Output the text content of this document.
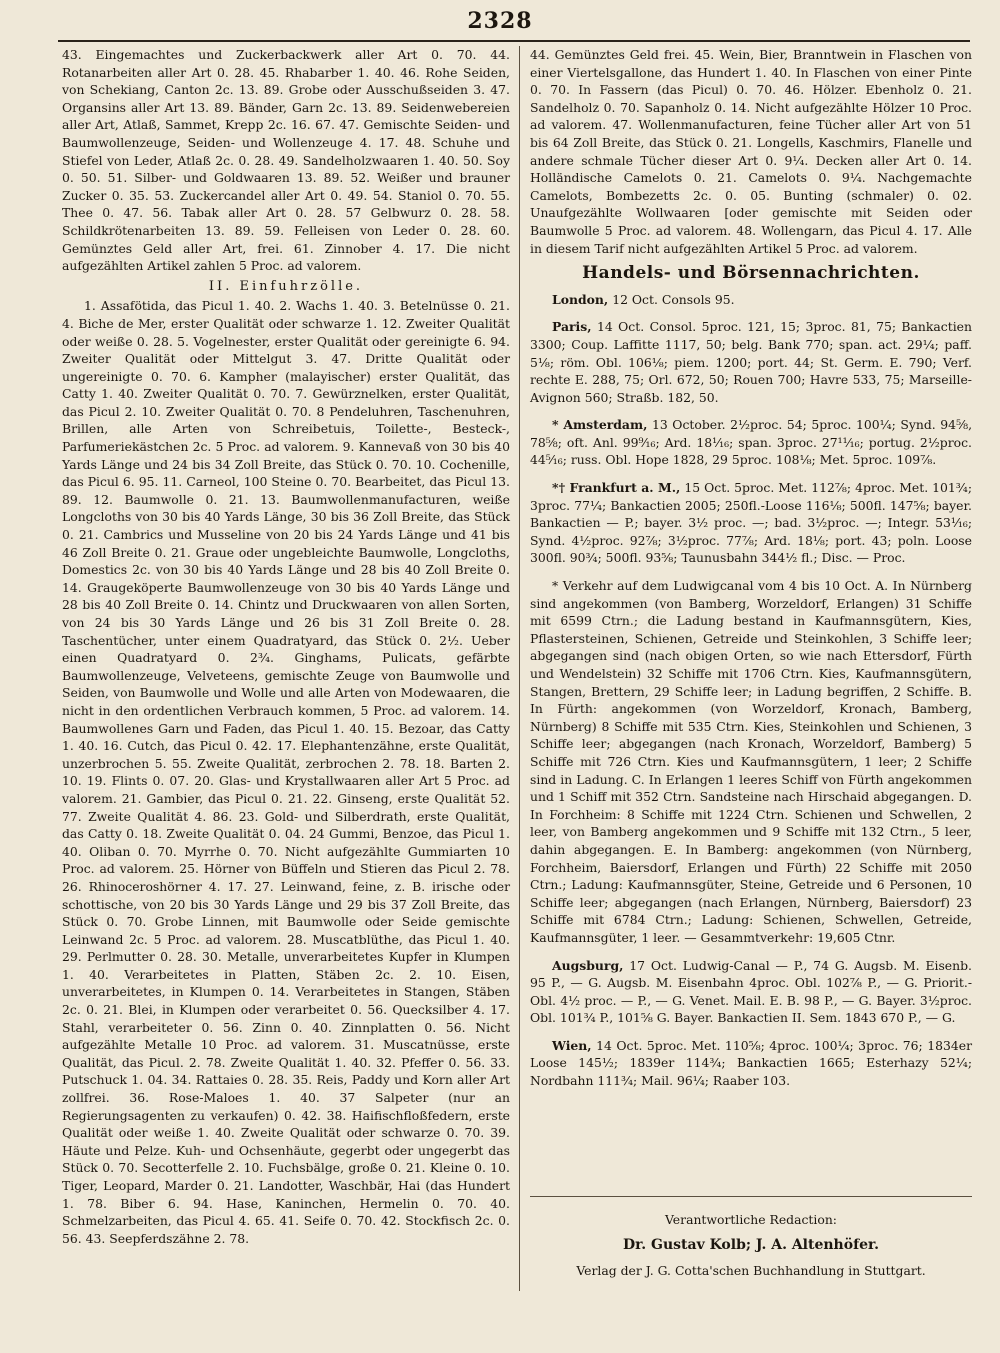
2328

43. Eingemachtes und Zuckerbackwerk aller Art 0. 70. 44. Rotanarbeiten aller Art 0. 28. 45. Rhabarber 1. 40. 46. Rohe Seiden, von Schekiang, Canton 2c. 13. 89. Grobe oder Ausschußseiden 3. 47. Organsins aller Art 13. 89. Bänder, Garn 2c. 13. 89. Seidenwebereien aller Art, Atlaß, Sammet, Krepp 2c. 16. 67. 47. Gemischte Seiden- und Baumwollenzeuge, Seiden- und Wollenzeuge 4. 17. 48. Schuhe und Stiefel von Leder, Atlaß 2c. 0. 28. 49. Sandelholzwaaren 1. 40. 50. Soy 0. 50. 51. Silber- und Goldwaaren 13. 89. 52. Weißer und brauner Zucker 0. 35. 53. Zuckercandel aller Art 0. 49. 54. Staniol 0. 70. 55. Thee 0. 47. 56. Tabak aller Art 0. 28. 57 Gelbwurz 0. 28. 58. Schildkrötenarbeiten 13. 89. 59. Felleisen von Leder 0. 28. 60. Gemünztes Geld aller Art, frei. 61. Zinnober 4. 17. Die nicht aufgezählten Artikel zahlen 5 Proc. ad valorem.

II. Einfuhrzölle.

1. Assafötida, das Picul 1. 40. 2. Wachs 1. 40. 3. Betelnüsse 0. 21. 4. Biche de Mer, erster Qualität oder schwarze 1. 12. Zweiter Qualität oder weiße 0. 28. 5. Vogelnester, erster Qualität oder gereinigte 6. 94. Zweiter Qualität oder Mittelgut 3. 47. Dritte Qualität oder ungereinigte 0. 70. 6. Kampher (malayischer) erster Qualität, das Catty 1. 40. Zweiter Qualität 0. 70. 7. Gewürznelken, erster Qualität, das Picul 2. 10. Zweiter Qualität 0. 70. 8 Pendeluhren, Taschenuhren, Brillen, alle Arten von Schreibetuis, Toilette-, Besteck-, Parfumeriekästchen 2c. 5 Proc. ad valorem. 9. Kannevaß von 30 bis 40 Yards Länge und 24 bis 34 Zoll Breite, das Stück 0. 70. 10. Cochenille, das Picul 6. 95. 11. Carneol, 100 Steine 0. 70. Bearbeitet, das Picul 13. 89. 12. Baumwolle 0. 21. 13. Baumwollenmanufacturen, weiße Longcloths von 30 bis 40 Yards Länge, 30 bis 36 Zoll Breite, das Stück 0. 21. Cambrics und Musseline von 20 bis 24 Yards Länge und 41 bis 46 Zoll Breite 0. 21. Graue oder ungebleichte Baumwolle, Longcloths, Domestics 2c. von 30 bis 40 Yards Länge und 28 bis 40 Zoll Breite 0. 14. Graugeköperte Baumwollenzeuge von 30 bis 40 Yards Länge und 28 bis 40 Zoll Breite 0. 14. Chintz und Druckwaaren von allen Sorten, von 24 bis 30 Yards Länge und 26 bis 31 Zoll Breite 0. 28. Taschentücher, unter einem Quadratyard, das Stück 0. 2½. Ueber einen Quadratyard 0. 2¾. Ginghams, Pulicats, gefärbte Baumwollenzeuge, Velveteens, gemischte Zeuge von Baumwolle und Seiden, von Baumwolle und Wolle und alle Arten von Modewaaren, die nicht in den ordentlichen Verbrauch kommen, 5 Proc. ad valorem. 14. Baumwollenes Garn und Faden, das Picul 1. 40. 15. Bezoar, das Catty 1. 40. 16. Cutch, das Picul 0. 42. 17. Elephantenzähne, erste Qualität, unzerbrochen 5. 55. Zweite Qualität, zerbrochen 2. 78. 18. Barten 2. 10. 19. Flints 0. 07. 20. Glas- und Krystallwaaren aller Art 5 Proc. ad valorem. 21. Gambier, das Picul 0. 21. 22. Ginseng, erste Qualität 52. 77. Zweite Qualität 4. 86. 23. Gold- und Silberdrath, erste Qualität, das Catty 0. 18. Zweite Qualität 0. 04. 24 Gummi, Benzoe, das Picul 1. 40. Oliban 0. 70. Myrrhe 0. 70. Nicht aufgezählte Gummiarten 10 Proc. ad valorem. 25. Hörner von Büffeln und Stieren das Picul 2. 78. 26. Rhinoceroshörner 4. 17. 27. Leinwand, feine, z. B. irische oder schottische, von 20 bis 30 Yards Länge und 29 bis 37 Zoll Breite, das Stück 0. 70. Grobe Linnen, mit Baumwolle oder Seide gemischte Leinwand 2c. 5 Proc. ad valorem. 28. Muscatblüthe, das Picul 1. 40. 29. Perlmutter 0. 28. 30. Metalle, unverarbeitetes Kupfer in Klumpen 1. 40. Verarbeitetes in Platten, Stäben 2c. 2. 10. Eisen, unverarbeitetes, in Klumpen 0. 14. Verarbeitetes in Stangen, Stäben 2c. 0. 21. Blei, in Klumpen oder verarbeitet 0. 56. Quecksilber 4. 17. Stahl, verarbeiteter 0. 56. Zinn 0. 40. Zinnplatten 0. 56. Nicht aufgezählte Metalle 10 Proc. ad valorem. 31. Muscatnüsse, erste Qualität, das Picul. 2. 78. Zweite Qualität 1. 40. 32. Pfeffer 0. 56. 33. Putschuck 1. 04. 34. Rattaies 0. 28. 35. Reis, Paddy und Korn aller Art zollfrei. 36. Rose-Maloes 1. 40. 37 Salpeter (nur an Regierungsagenten zu verkaufen) 0. 42. 38. Haifischfloßfedern, erste Qualität oder weiße 1. 40. Zweite Qualität oder schwarze 0. 70. 39. Häute und Pelze. Kuh- und Ochsenhäute, gegerbt oder ungegerbt das Stück 0. 70. Secotterfelle 2. 10. Fuchsbälge, große 0. 21. Kleine 0. 10. Tiger, Leopard, Marder 0. 21. Landotter, Waschbär, Hai (das Hundert 1. 78. Biber 6. 94. Hase, Kaninchen, Hermelin 0. 70. 40. Schmelzarbeiten, das Picul 4. 65. 41. Seife 0. 70. 42. Stockfisch 2c. 0. 56. 43. Seepferdszähne 2. 78.

44. Gemünztes Geld frei. 45. Wein, Bier, Branntwein in Flaschen von einer Viertelsgallone, das Hundert 1. 40. In Flaschen von einer Pinte 0. 70. In Fassern (das Picul) 0. 70. 46. Hölzer. Ebenholz 0. 21. Sandelholz 0. 70. Sapanholz 0. 14. Nicht aufgezählte Hölzer 10 Proc. ad valorem. 47. Wollenmanufacturen, feine Tücher aller Art von 51 bis 64 Zoll Breite, das Stück 0. 21. Longells, Kaschmirs, Flanelle und andere schmale Tücher dieser Art 0. 9¼. Decken aller Art 0. 14. Holländische Camelots 0. 21. Camelots 0. 9¼. Nachgemachte Camelots, Bombezetts 2c. 0. 05. Bunting (schmaler) 0. 02. Unaufgezählte Wollwaaren [oder gemischte mit Seiden oder Baumwolle 5 Proc. ad valorem. 48. Wollengarn, das Picul 4. 17. Alle in diesem Tarif nicht aufgezählten Artikel 5 Proc. ad valorem.

Handels- und Börsennachrichten.

London, 12 Oct. Consols 95.

Paris, 14 Oct. Consol. 5proc. 121, 15; 3proc. 81, 75; Bankactien 3300; Coup. Laffitte 1117, 50; belg. Bank 770; span. act. 29¼; paff. 5⅛; röm. Obl. 106⅛; piem. 1200; port. 44; St. Germ. E. 790; Verf. rechte E. 288, 75; Orl. 672, 50; Rouen 700; Havre 533, 75; Marseille-Avignon 560; Straßb. 182, 50.

* Amsterdam, 13 October. 2½proc. 54; 5proc. 100¼; Synd. 94⁵⁄₈, 78⁵⁄₈; oft. Anl. 99⁹⁄₁₆; Ard. 18¹⁄₁₆; span. 3proc. 27¹¹⁄₁₆; portug. 2½proc. 44⁵⁄₁₆; russ. Obl. Hope 1828, 29 5proc. 108⅛; Met. 5proc. 109⅞.

*† Frankfurt a. M., 15 Oct. 5proc. Met. 112⅞; 4proc. Met. 101¾; 3proc. 77¼; Bankactien 2005; 250fl.-Loose 116⅛; 500fl. 147⅝; bayer. Bankactien — P.; bayer. 3½ proc. —; bad. 3½proc. —; Integr. 53¹⁄₁₆; Synd. 4½proc. 92⅞; 3½proc. 77⅞; Ard. 18⅛; port. 43; poln. Loose 300fl. 90¾; 500fl. 93⅝; Taunusbahn 344½ fl.; Disc. — Proc.

* Verkehr auf dem Ludwigcanal vom 4 bis 10 Oct. A. In Nürnberg sind angekommen (von Bamberg, Worzeldorf, Erlangen) 31 Schiffe mit 6599 Ctrn.; die Ladung bestand in Kaufmannsgütern, Kies, Pflastersteinen, Schienen, Getreide und Steinkohlen, 3 Schiffe leer; abgegangen sind (nach obigen Orten, so wie nach Ettersdorf, Fürth und Wendelstein) 32 Schiffe mit 1706 Ctrn. Kies, Kaufmannsgütern, Stangen, Brettern, 29 Schiffe leer; in Ladung begriffen, 2 Schiffe. B. In Fürth: angekommen (von Worzeldorf, Kronach, Bamberg, Nürnberg) 8 Schiffe mit 535 Ctrn. Kies, Steinkohlen und Schienen, 3 Schiffe leer; abgegangen (nach Kronach, Worzeldorf, Bamberg) 5 Schiffe mit 726 Ctrn. Kies und Kaufmannsgütern, 1 leer; 2 Schiffe sind in Ladung. C. In Erlangen 1 leeres Schiff von Fürth angekommen und 1 Schiff mit 352 Ctrn. Sandsteine nach Hirschaid abgegangen. D. In Forchheim: 8 Schiffe mit 1224 Ctrn. Schienen und Schwellen, 2 leer, von Bamberg angekommen und 9 Schiffe mit 132 Ctrn., 5 leer, dahin abgegangen. E. In Bamberg: angekommen (von Nürnberg, Forchheim, Baiersdorf, Erlangen und Fürth) 22 Schiffe mit 2050 Ctrn.; Ladung: Kaufmannsgüter, Steine, Getreide und 6 Personen, 10 Schiffe leer; abgegangen (nach Erlangen, Nürnberg, Baiersdorf) 23 Schiffe mit 6784 Ctrn.; Ladung: Schienen, Schwellen, Getreide, Kaufmannsgüter, 1 leer. — Gesammtverkehr: 19,605 Ctnr.

Augsburg, 17 Oct. Ludwig-Canal — P., 74 G. Augsb. M. Eisenb. 95 P., — G. Augsb. M. Eisenbahn 4proc. Obl. 102⅞ P., — G. Priorit.-Obl. 4½ proc. — P., — G. Venet. Mail. E. B. 98 P., — G. Bayer. 3½proc. Obl. 101¾ P., 101⅝ G. Bayer. Bankactien II. Sem. 1843 670 P., — G.

Wien, 14 Oct. 5proc. Met. 110⅝; 4proc. 100¼; 3proc. 76; 1834er Loose 145½; 1839er 114¾; Bankactien 1665; Esterhazy 52¼; Nordbahn 111¾; Mail. 96¼; Raaber 103.

Verantwortliche Redaction:
Dr. Gustav Kolb; J. A. Altenhöfer.
Verlag der J. G. Cotta'schen Buchhandlung in Stuttgart.
